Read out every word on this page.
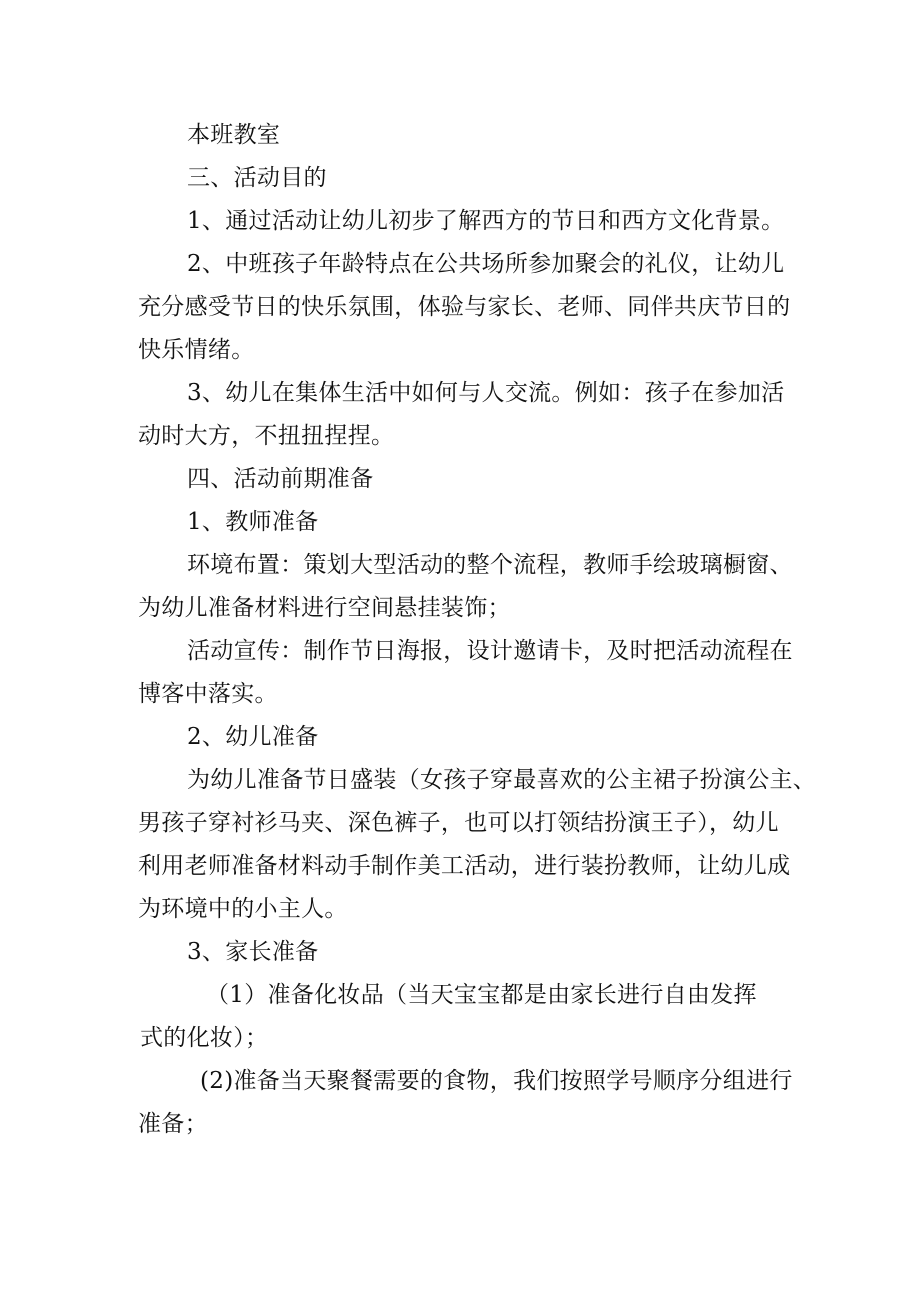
本班教室
三、活动目的
1、通过活动让幼儿初步了解西方的节日和西方文化背景。
2、中班孩子年龄特点在公共场所参加聚会的礼仪，让幼儿
充分感受节日的快乐氛围，体验与家长、老师、同伴共庆节日的
快乐情绪。
3、幼儿在集体生活中如何与人交流。例如：孩子在参加活
动时大方，不扭扭捏捏。
四、活动前期准备
1、教师准备
环境布置：策划大型活动的整个流程，教师手绘玻璃橱窗、
为幼儿准备材料进行空间悬挂装饰；
活动宣传：制作节日海报，设计邀请卡，及时把活动流程在
博客中落实。
2、幼儿准备
为幼儿准备节日盛装（女孩子穿最喜欢的公主裙子扮演公主、
男孩子穿衬衫马夹、深色裤子，也可以打领结扮演王子），幼儿
利用老师准备材料动手制作美工活动，进行装扮教师，让幼儿成
为环境中的小主人。
3、家长准备
（1）准备化妆品（当天宝宝都是由家长进行自由发挥
式的化妆）；
(2)准备当天聚餐需要的食物，我们按照学号顺序分组进行
准备；
